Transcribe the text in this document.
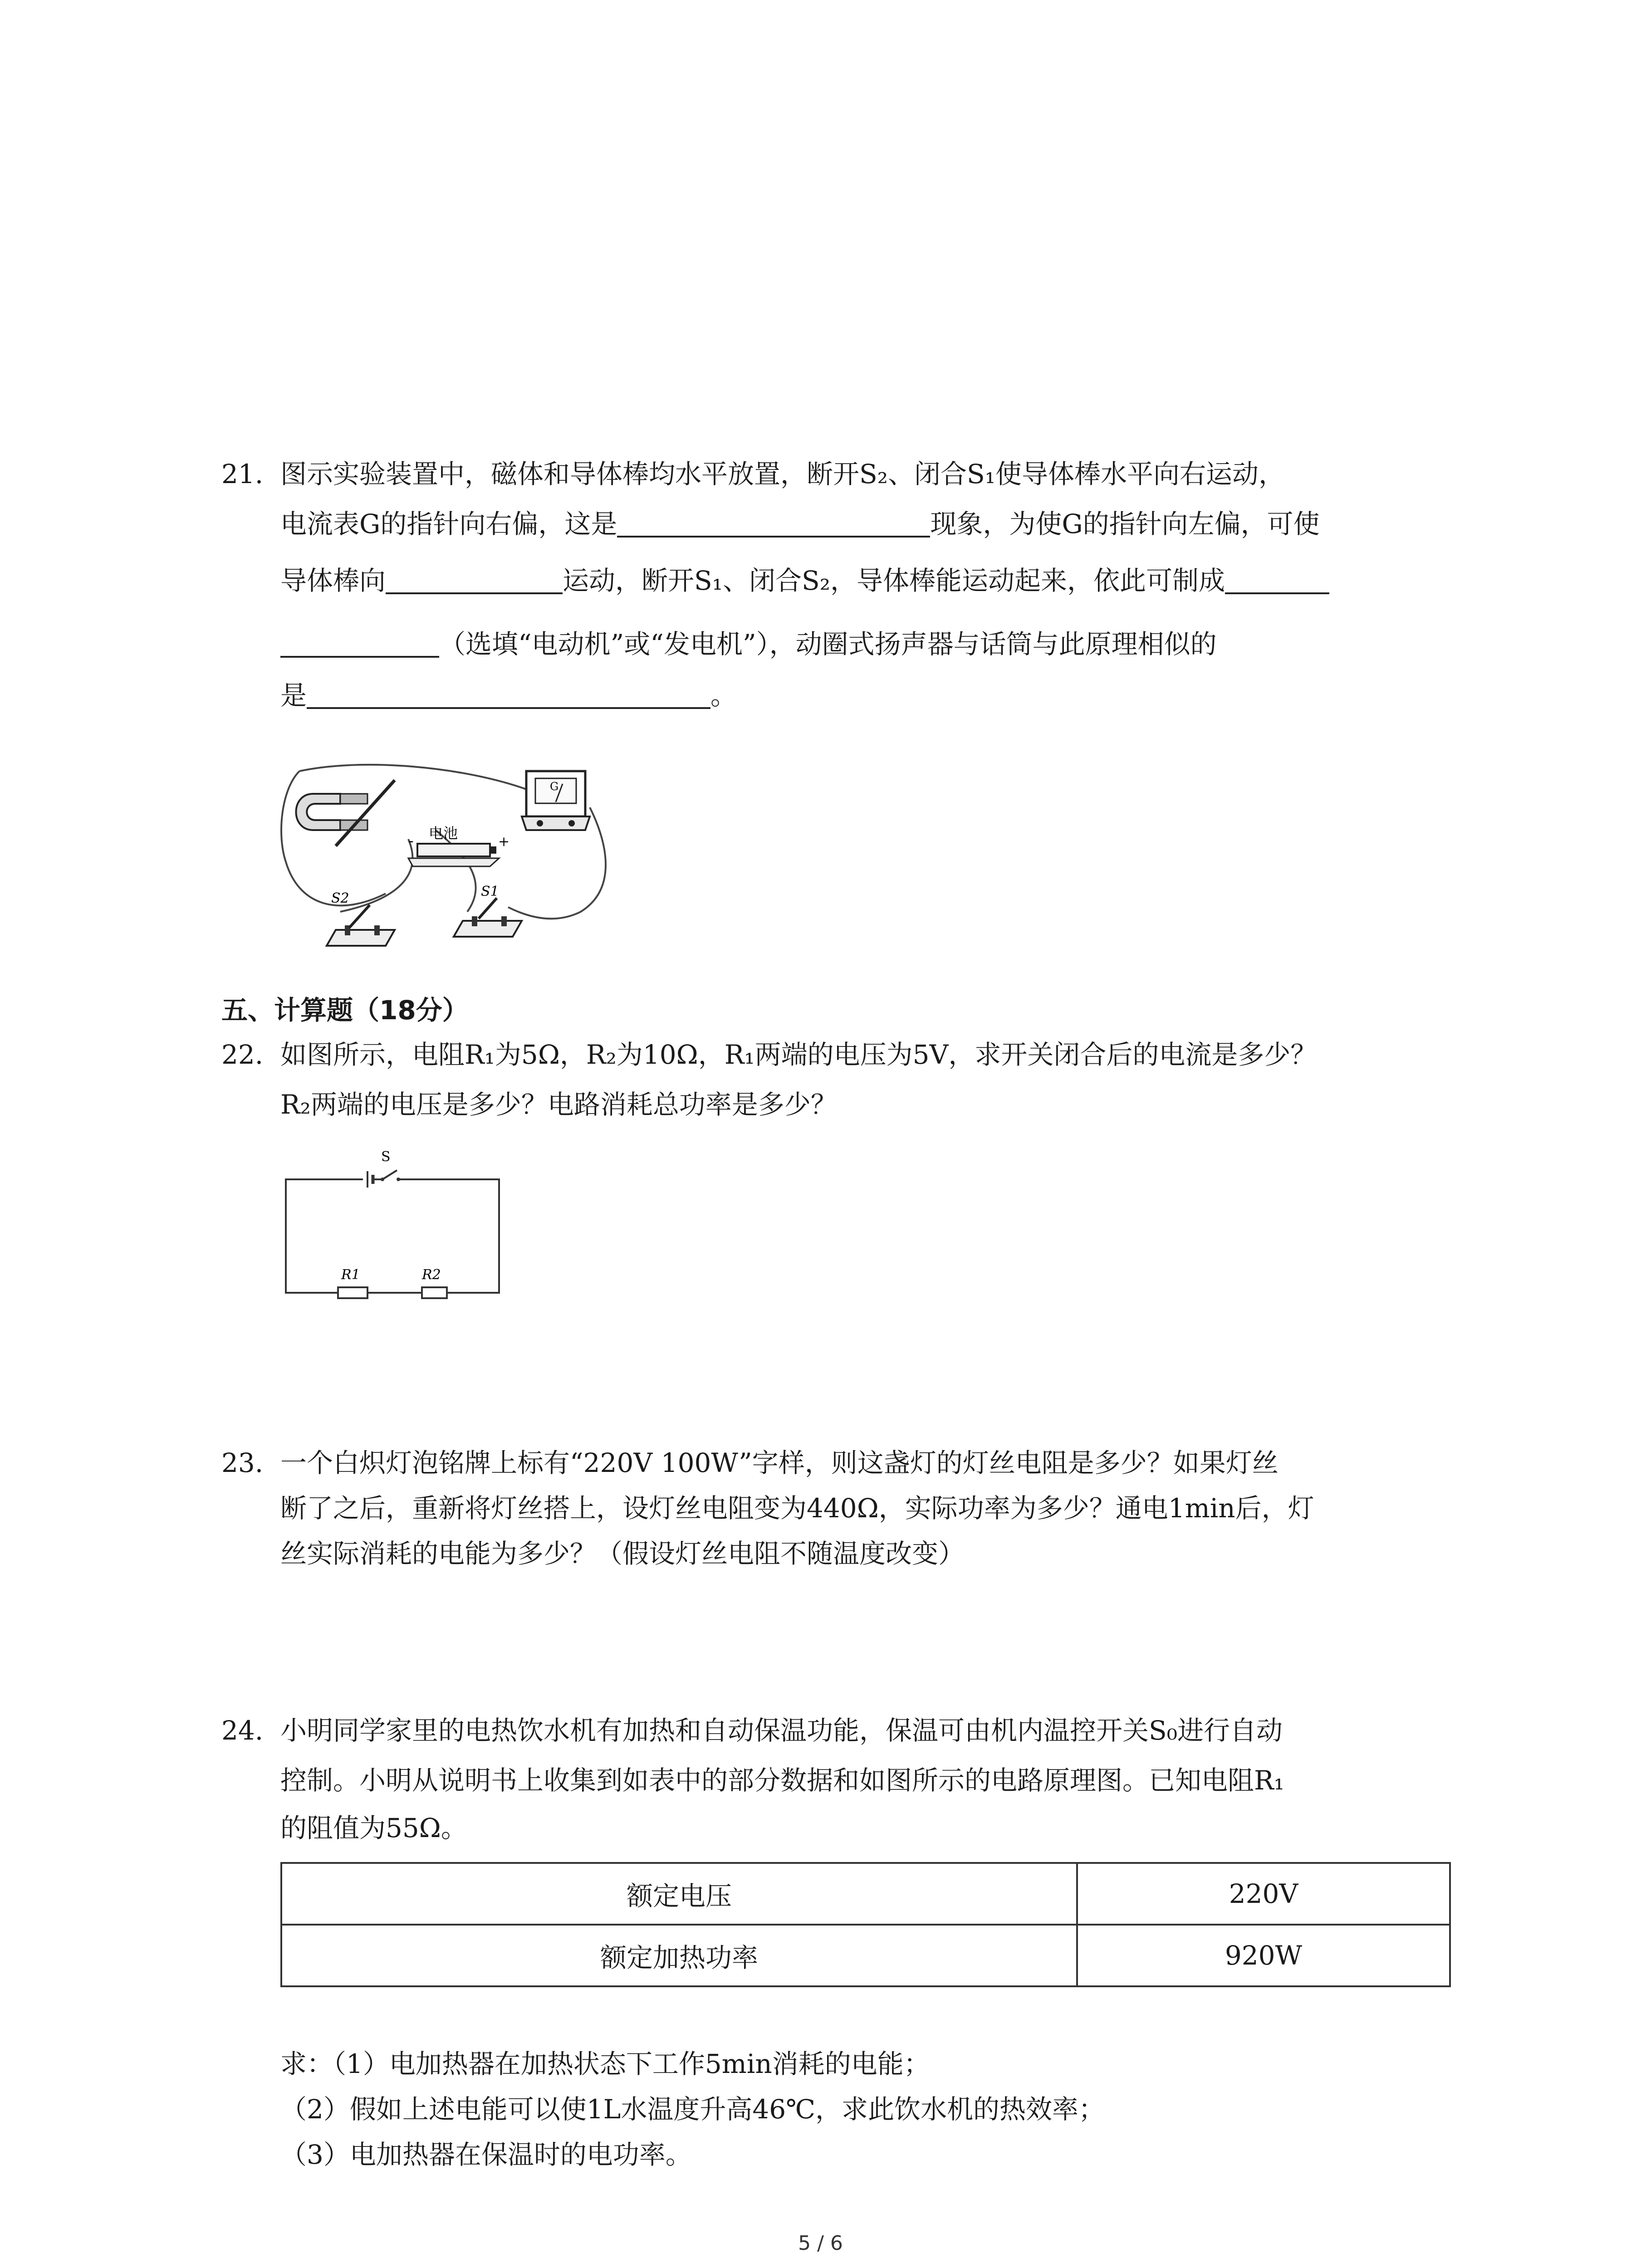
21. 图示实验装置中，磁体和导体棒均水平放置，断开S₂、闭合S₁使导体棒水平向右运动，
电流表G的指针向右偏，这是	现象，为使G的指针向左偏，可使
导体棒向	运动，断开S₁、闭合S₂，导体棒能运动起来，依此可制成
（选填“电动机”或“发电机”），动圈式扬声器与话筒与此原理相似的
是	。
电池
-	+
G
S2	S1
五、计算题（18分）
22. 如图所示，电阻R₁为5Ω，R₂为10Ω，R₁两端的电压为5V，求开关闭合后的电流是多少？
R₂两端的电压是多少？电路消耗总功率是多少？
S
R1	R2
23. 一个白炽灯泡铭牌上标有“220V 100W”字样，则这盏灯的灯丝电阻是多少？如果灯丝
断了之后，重新将灯丝搭上，设灯丝电阻变为440Ω，实际功率为多少？通电1min后，灯
丝实际消耗的电能为多少？（假设灯丝电阻不随温度改变）
24. 小明同学家里的电热饮水机有加热和自动保温功能，保温可由机内温控开关S₀进行自动
控制。小明从说明书上收集到如表中的部分数据和如图所示的电路原理图。已知电阻R₁
的阻值为55Ω。
额定电压	220V
额定加热功率	920W
求：（1）电加热器在加热状态下工作5min消耗的电能；
（2）假如上述电能可以使1L水温度升高46℃，求此饮水机的热效率；
（3）电加热器在保温时的电功率。
5 / 6
